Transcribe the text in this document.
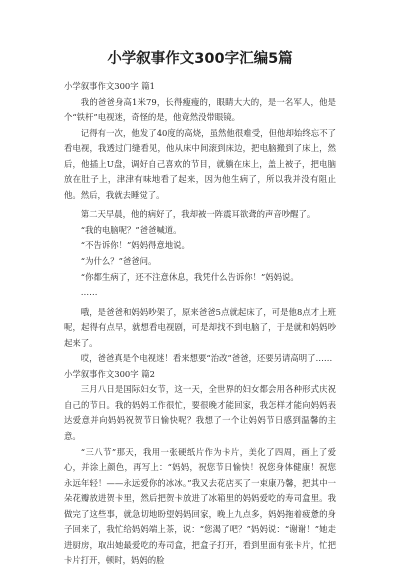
小学叙事作文300字汇编5篇

小学叙事作文300字 篇1

我的爸爸身高1米79，长得瘦瘦的，眼睛大大的，是一名军人，他是个“铁杆”电视迷，奇怪的是，他竟然没带眼镜。

记得有一次，他发了40度的高烧，虽然他很难受，但他却始终忘不了看电视，我透过门缝看见，他从床中间滚到床边，把电脑搬到了床上，然后，他插上U盘，调好自己喜欢的节目，就躺在床上，盖上被子，把电脑放在肚子上，津津有味地看了起来，因为他生病了，所以我并没有阻止他。然后，我就去睡觉了。

第二天早晨，他的病好了，我却被一阵震耳欲聋的声音吵醒了。

“我的电脑呢？”爸爸喊道。

“不告诉你！”妈妈得意地说。

“为什么？”爸爸问。

“你都生病了，还不注意休息，我凭什么告诉你！”妈妈说。

……

哦，是爸爸和妈妈吵架了，原来爸爸5点就起床了，可是他8点才上班呢，起得有点早，就想看电视剧，可是却找不到电脑了，于是就和妈妈吵起来了。

哎，爸爸真是个电视迷！看来想要“治改”爸爸，还要另请高明了……

小学叙事作文300字 篇2

三月八日是国际妇女节，这一天，全世界的妇女都会用各种形式庆祝自己的节日。我的妈妈工作很忙，要很晚才能回家，我怎样才能向妈妈表达爱意并向妈妈祝贺节日愉快呢？我想了一个让妈妈节日感到温馨的主意。

“三八节”那天，我用一张硬纸片作为卡片，美化了四周，画上了爱心，并涂上颜色，再写上：“妈妈，祝您节日愉快！祝您身体健康！祝您永远年轻！——永远爱你的冰冰。”我又去花店买了一束康乃馨，把其中一朵花瓣放进贺卡里，然后把贺卡放进了冰箱里的妈妈爱吃的寿司盒里。我做完了这些事，就急切地盼望妈妈回家，晚上九点多，妈妈拖着疲惫的身子回来了，我忙给妈妈端上茶，说：“您渴了吧？”妈妈说：“谢谢！”她走进厨房，取出她最爱吃的寿司盒，把盒子打开，看到里面有张卡片，忙把卡片打开，顿时，妈妈的脸
